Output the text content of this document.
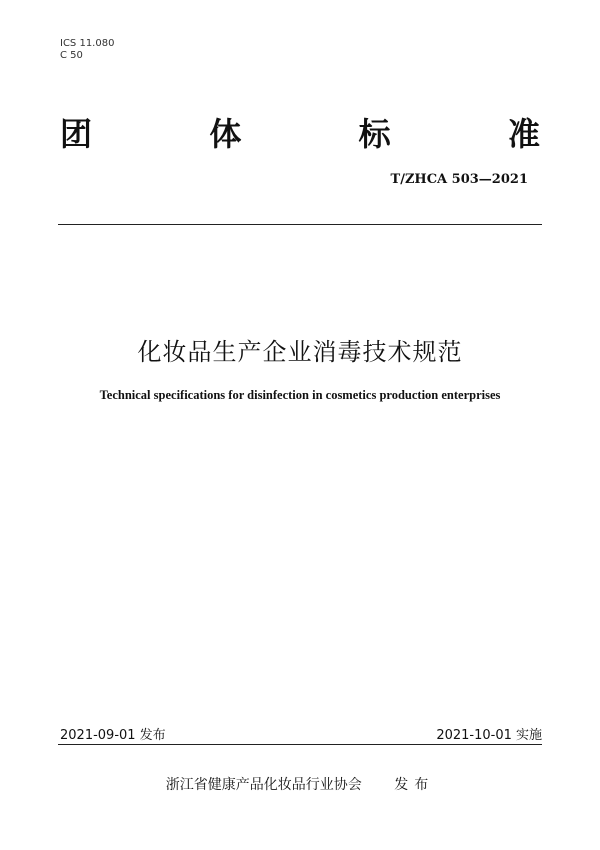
ICS 11.080
C 50
团	体	标	准
T/ZHCA 503—2021
化妆品生产企业消毒技术规范
Technical specifications for disinfection in cosmetics production enterprises
2021-09-01 发布	2021-10-01 实施
浙江省健康产品化妆品行业协会 发布
